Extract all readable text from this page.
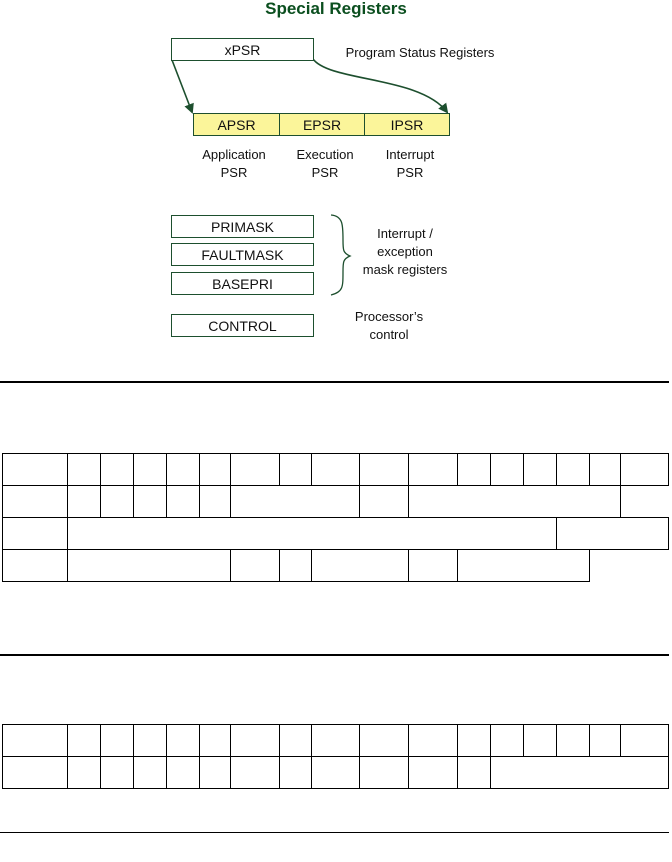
Special Registers
xPSR	Program Status Registers
APSR	EPSR	IPSR
Application
PSR
Execution
PSR
Interrupt
PSR
PRIMASK
FAULTMASK
BASEPRI
Interrupt /
exception
mask registers
CONTROL
Processor’s
control
